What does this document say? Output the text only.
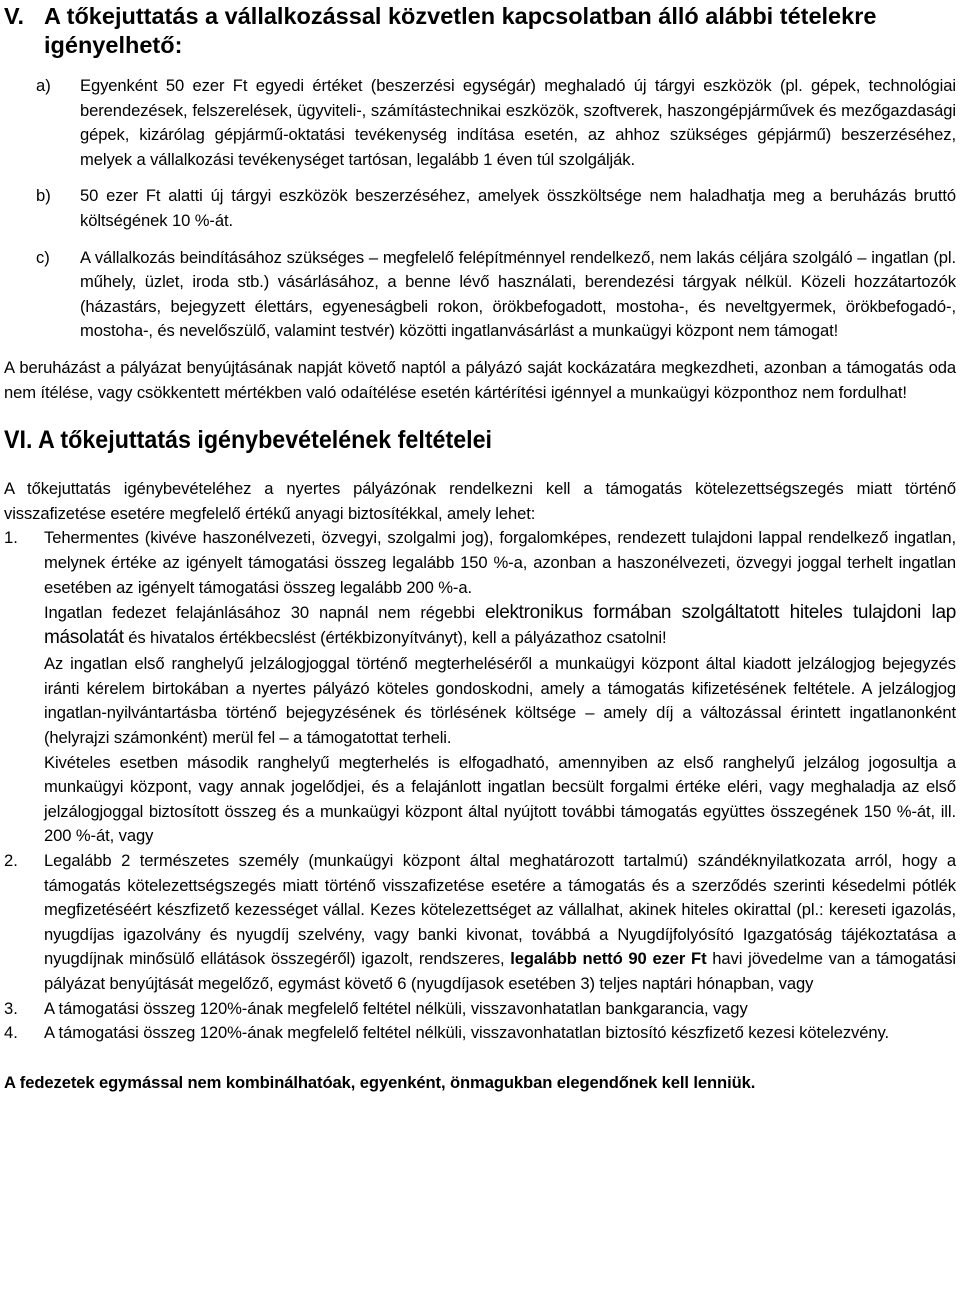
V. A tőkejuttatás a vállalkozással közvetlen kapcsolatban álló alábbi tételekre igényelhető:
a)	Egyenként 50 ezer Ft egyedi értéket (beszerzési egységár) meghaladó új tárgyi eszközök (pl. gépek, technológiai berendezések, felszerelések, ügyviteli-, számítástechnikai eszközök, szoftverek, haszongépjárművek és mezőgazdasági gépek, kizárólag gépjármű-oktatási tevékenység indítása esetén, az ahhoz szükséges gépjármű) beszerzéséhez, melyek a vállalkozási tevékenységet tartósan, legalább 1 éven túl szolgálják.
b)	50 ezer Ft alatti új tárgyi eszközök beszerzéséhez, amelyek összköltsége nem haladhatja meg a beruházás bruttó költségének 10 %-át.
c)	A vállalkozás beindításához szükséges – megfelelő felépítménnyel rendelkező, nem lakás céljára szolgáló – ingatlan (pl. műhely, üzlet, iroda stb.) vásárlásához, a benne lévő használati, berendezési tárgyak nélkül. Közeli hozzátartozók (házastárs, bejegyzett élettárs, egyeneságbeli rokon, örökbefogadott, mostoha-, és neveltgyermek, örökbefogadó-, mostoha-, és nevelőszülő, valamint testvér) közötti ingatlanvásárlást a munkaügyi központ nem támogat!

A beruházást a pályázat benyújtásának napját követő naptól a pályázó saját kockázatára megkezdheti, azonban a támogatás oda nem ítélése, vagy csökkentett mértékben való odaítélése esetén kártérítési igénnyel a munkaügyi központhoz nem fordulhat!

VI. A tőkejuttatás igénybevételének feltételei

A tőkejuttatás igénybevételéhez a nyertes pályázónak rendelkezni kell a támogatás kötelezettségszegés miatt történő visszafizetése esetére megfelelő értékű anyagi biztosítékkal, amely lehet:

1.	Tehermentes (kivéve haszonélvezeti, özvegyi, szolgalmi jog), forgalomképes, rendezett tulajdoni lappal rendelkező ingatlan, melynek értéke az igényelt támogatási összeg legalább 150 %-a, azonban a haszonélvezeti, özvegyi joggal terhelt ingatlan esetében az igényelt támogatási összeg legalább 200 %-a.

Ingatlan fedezet felajánlásához 30 napnál nem régebbi elektronikus formában szolgáltatott hiteles tulajdoni lap másolatát és hivatalos értékbecslést (értékbizonyítványt), kell a pályázathoz csatolni!

Az ingatlan első ranghelyű jelzálogjoggal történő megterheléséről a munkaügyi központ által kiadott jelzálogjog bejegyzés iránti kérelem birtokában a nyertes pályázó köteles gondoskodni, amely a támogatás kifizetésének feltétele. A jelzálogjog ingatlan-nyilvántartásba történő bejegyzésének és törlésének költsége – amely díj a változással érintett ingatlanonként (helyrajzi számonként) merül fel – a támogatottat terheli.

Kivételes esetben második ranghelyű megterhelés is elfogadható, amennyiben az első ranghelyű jelzálog jogosultja a munkaügyi központ, vagy annak jogelődjei, és a felajánlott ingatlan becsült forgalmi értéke eléri, vagy meghaladja az első jelzálogjoggal biztosított összeg és a munkaügyi központ által nyújtott további támogatás együttes összegének 150 %-át, ill. 200 %-át, vagy

2.	Legalább 2 természetes személy (munkaügyi központ által meghatározott tartalmú) szándéknyilatkozata arról, hogy a támogatás kötelezettségszegés miatt történő visszafizetése esetére a támogatás és a szerződés szerinti késedelmi pótlék megfizetéséért készfizető kezességet vállal. Kezes kötelezettséget az vállalhat, akinek hiteles okirattal (pl.: kereseti igazolás, nyugdíjas igazolvány és nyugdíj szelvény, vagy banki kivonat, továbbá a Nyugdíjfolyósító Igazgatóság tájékoztatása a nyugdíjnak minősülő ellátások összegéről) igazolt, rendszeres, legalább nettó 90 ezer Ft havi jövedelme van a támogatási pályázat benyújtását megelőző, egymást követő 6 (nyugdíjasok esetében 3) teljes naptári hónapban, vagy

3.	A támogatási összeg 120%-ának megfelelő feltétel nélküli, visszavonhatatlan bankgarancia, vagy

4.	A támogatási összeg 120%-ának megfelelő feltétel nélküli, visszavonhatatlan biztosító készfizető kezesi kötelezvény.

A fedezetek egymással nem kombinálhatóak, egyenként, önmagukban elegendőnek kell lenniük.
